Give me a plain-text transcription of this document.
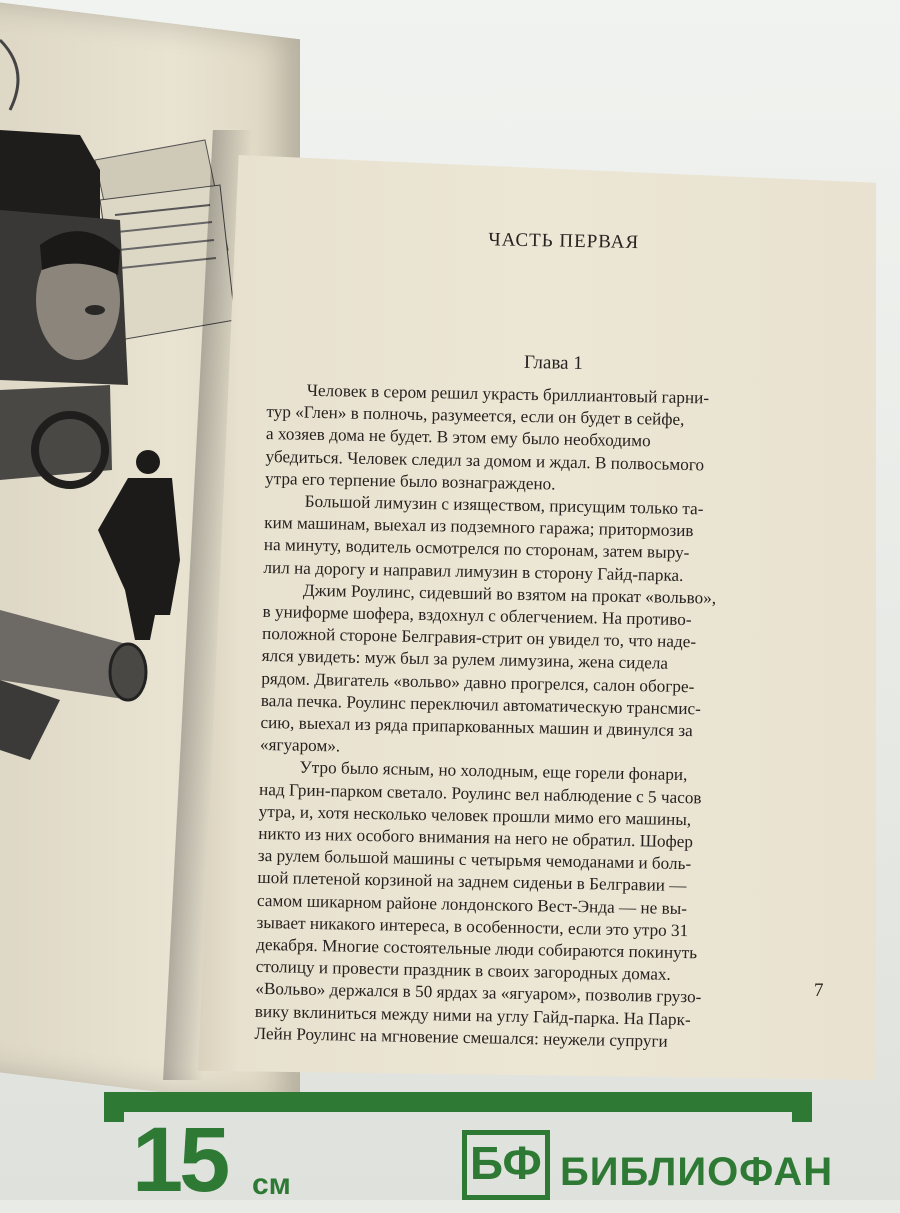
ЧАСТЬ ПЕРВАЯ
Глава 1

Человек в сером решил украсть бриллиантовый гарни-
тур «Глен» в полночь, разумеется, если он будет в сейфе,
а хозяев дома не будет. В этом ему было необходимо
убедиться. Человек следил за домом и ждал. В полвосьмого
утра его терпение было вознаграждено.

Большой лимузин с изяществом, присущим только та-
ким машинам, выехал из подземного гаража; притормозив
на минуту, водитель осмотрелся по сторонам, затем выру-
лил на дорогу и направил лимузин в сторону Гайд-парка.

Джим Роулинс, сидевший во взятом на прокат «вольво»,
в униформе шофера, вздохнул с облегчением. На противо-
положной стороне Белгравия-стрит он увидел то, что наде-
ялся увидеть: муж был за рулем лимузина, жена сидела
рядом. Двигатель «вольво» давно прогрелся, салон обогре-
вала печка. Роулинс переключил автоматическую трансмис-
сию, выехал из ряда припаркованных машин и двинулся за
«ягуаром».

Утро было ясным, но холодным, еще горели фонари,
над Грин-парком светало. Роулинс вел наблюдение с 5 часов
утра, и, хотя несколько человек прошли мимо его машины,
никто из них особого внимания на него не обратил. Шофер
за рулем большой машины с четырьмя чемоданами и боль-
шой плетеной корзиной на заднем сиденьи в Белгравии —
самом шикарном районе лондонского Вест-Энда — не вы-
зывает никакого интереса, в особенности, если это утро 31
декабря. Многие состоятельные люди собираются покинуть
столицу и провести праздник в своих загородных домах.
«Вольво» держался в 50 ярдах за «ягуаром», позволив грузо-
вику вклиниться между ними на углу Гайд-парка. На Парк-
Лейн Роулинс на мгновение смешался: неужели супруги

7
15 см	БФ БИБЛИОФАН
